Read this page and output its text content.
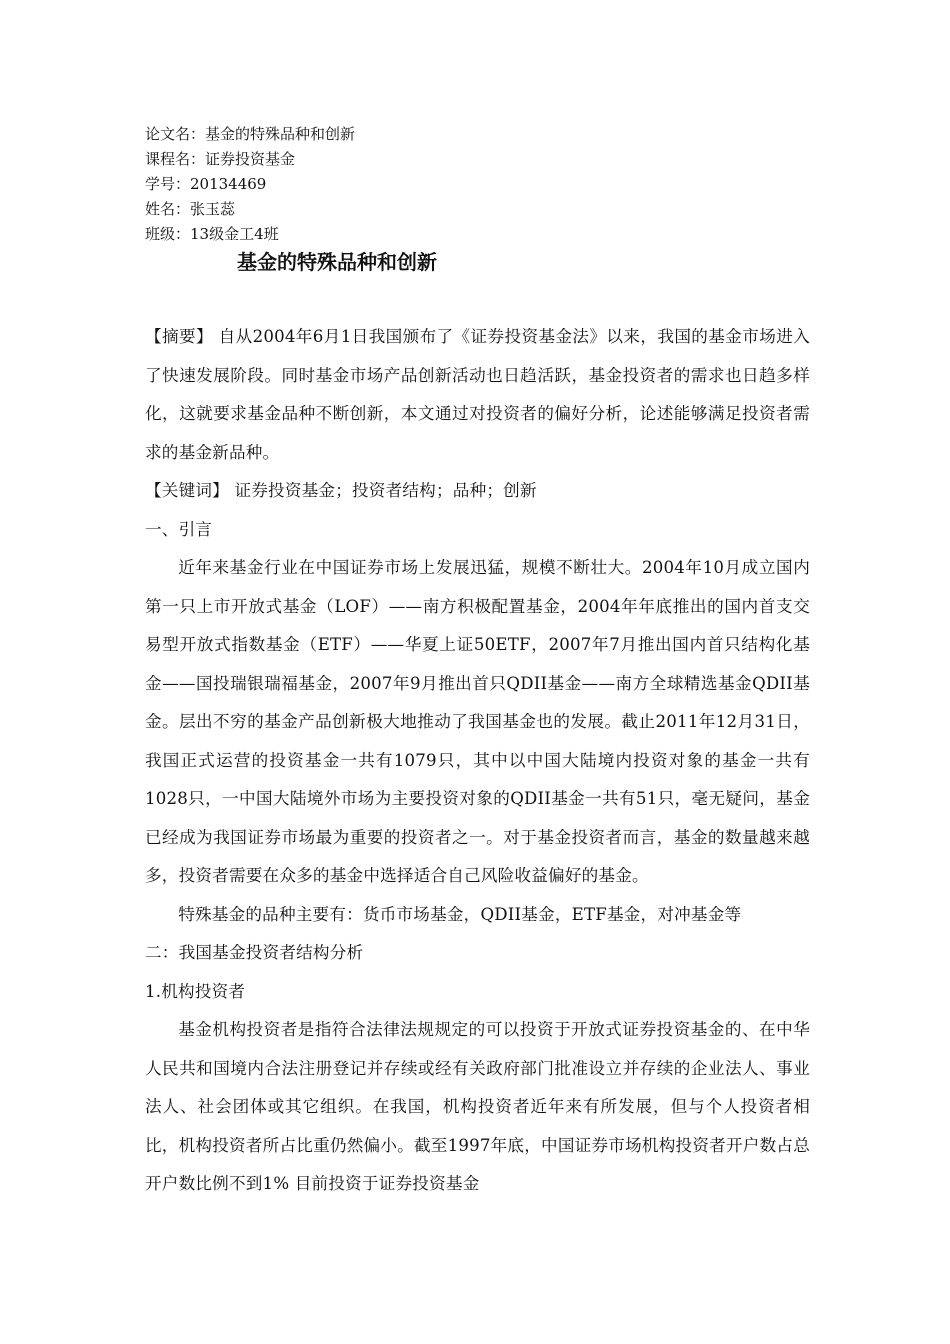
论文名：基金的特殊品种和创新
课程名：证券投资基金
学号：20134469
姓名：张玉蕊
班级：13级金工4班
基金的特殊品种和创新
【摘要】 自从2004年6月1日我国颁布了《证券投资基金法》以来，我国的基金市场进入了快速发展阶段。同时基金市场产品创新活动也日趋活跃，基金投资者的需求也日趋多样化，这就要求基金品种不断创新，本文通过对投资者的偏好分析，论述能够满足投资者需求的基金新品种。
【关键词】 证券投资基金；投资者结构；品种；创新
一、引言
近年来基金行业在中国证券市场上发展迅猛，规模不断壮大。2004年10月成立国内第一只上市开放式基金（LOF）——南方积极配置基金，2004年年底推出的国内首支交易型开放式指数基金（ETF）——华夏上证50ETF，2007年7月推出国内首只结构化基金——国投瑞银瑞福基金，2007年9月推出首只QDII基金——南方全球精选基金QDII基金。层出不穷的基金产品创新极大地推动了我国基金也的发展。截止2011年12月31日，我国正式运营的投资基金一共有1079只，其中以中国大陆境内投资对象的基金一共有1028只，一中国大陆境外市场为主要投资对象的QDII基金一共有51只，毫无疑问，基金已经成为我国证券市场最为重要的投资者之一。对于基金投资者而言，基金的数量越来越多，投资者需要在众多的基金中选择适合自己风险收益偏好的基金。
特殊基金的品种主要有：货币市场基金，QDII基金，ETF基金，对冲基金等
二：我国基金投资者结构分析
1.机构投资者
基金机构投资者是指符合法律法规规定的可以投资于开放式证券投资基金的、在中华人民共和国境内合法注册登记并存续或经有关政府部门批准设立并存续的企业法人、事业法人、社会团体或其它组织。在我国，机构投资者近年来有所发展，但与个人投资者相比，机构投资者所占比重仍然偏小。截至1997年底，中国证券市场机构投资者开户数占总开户数比例不到1% 目前投资于证券投资基金
